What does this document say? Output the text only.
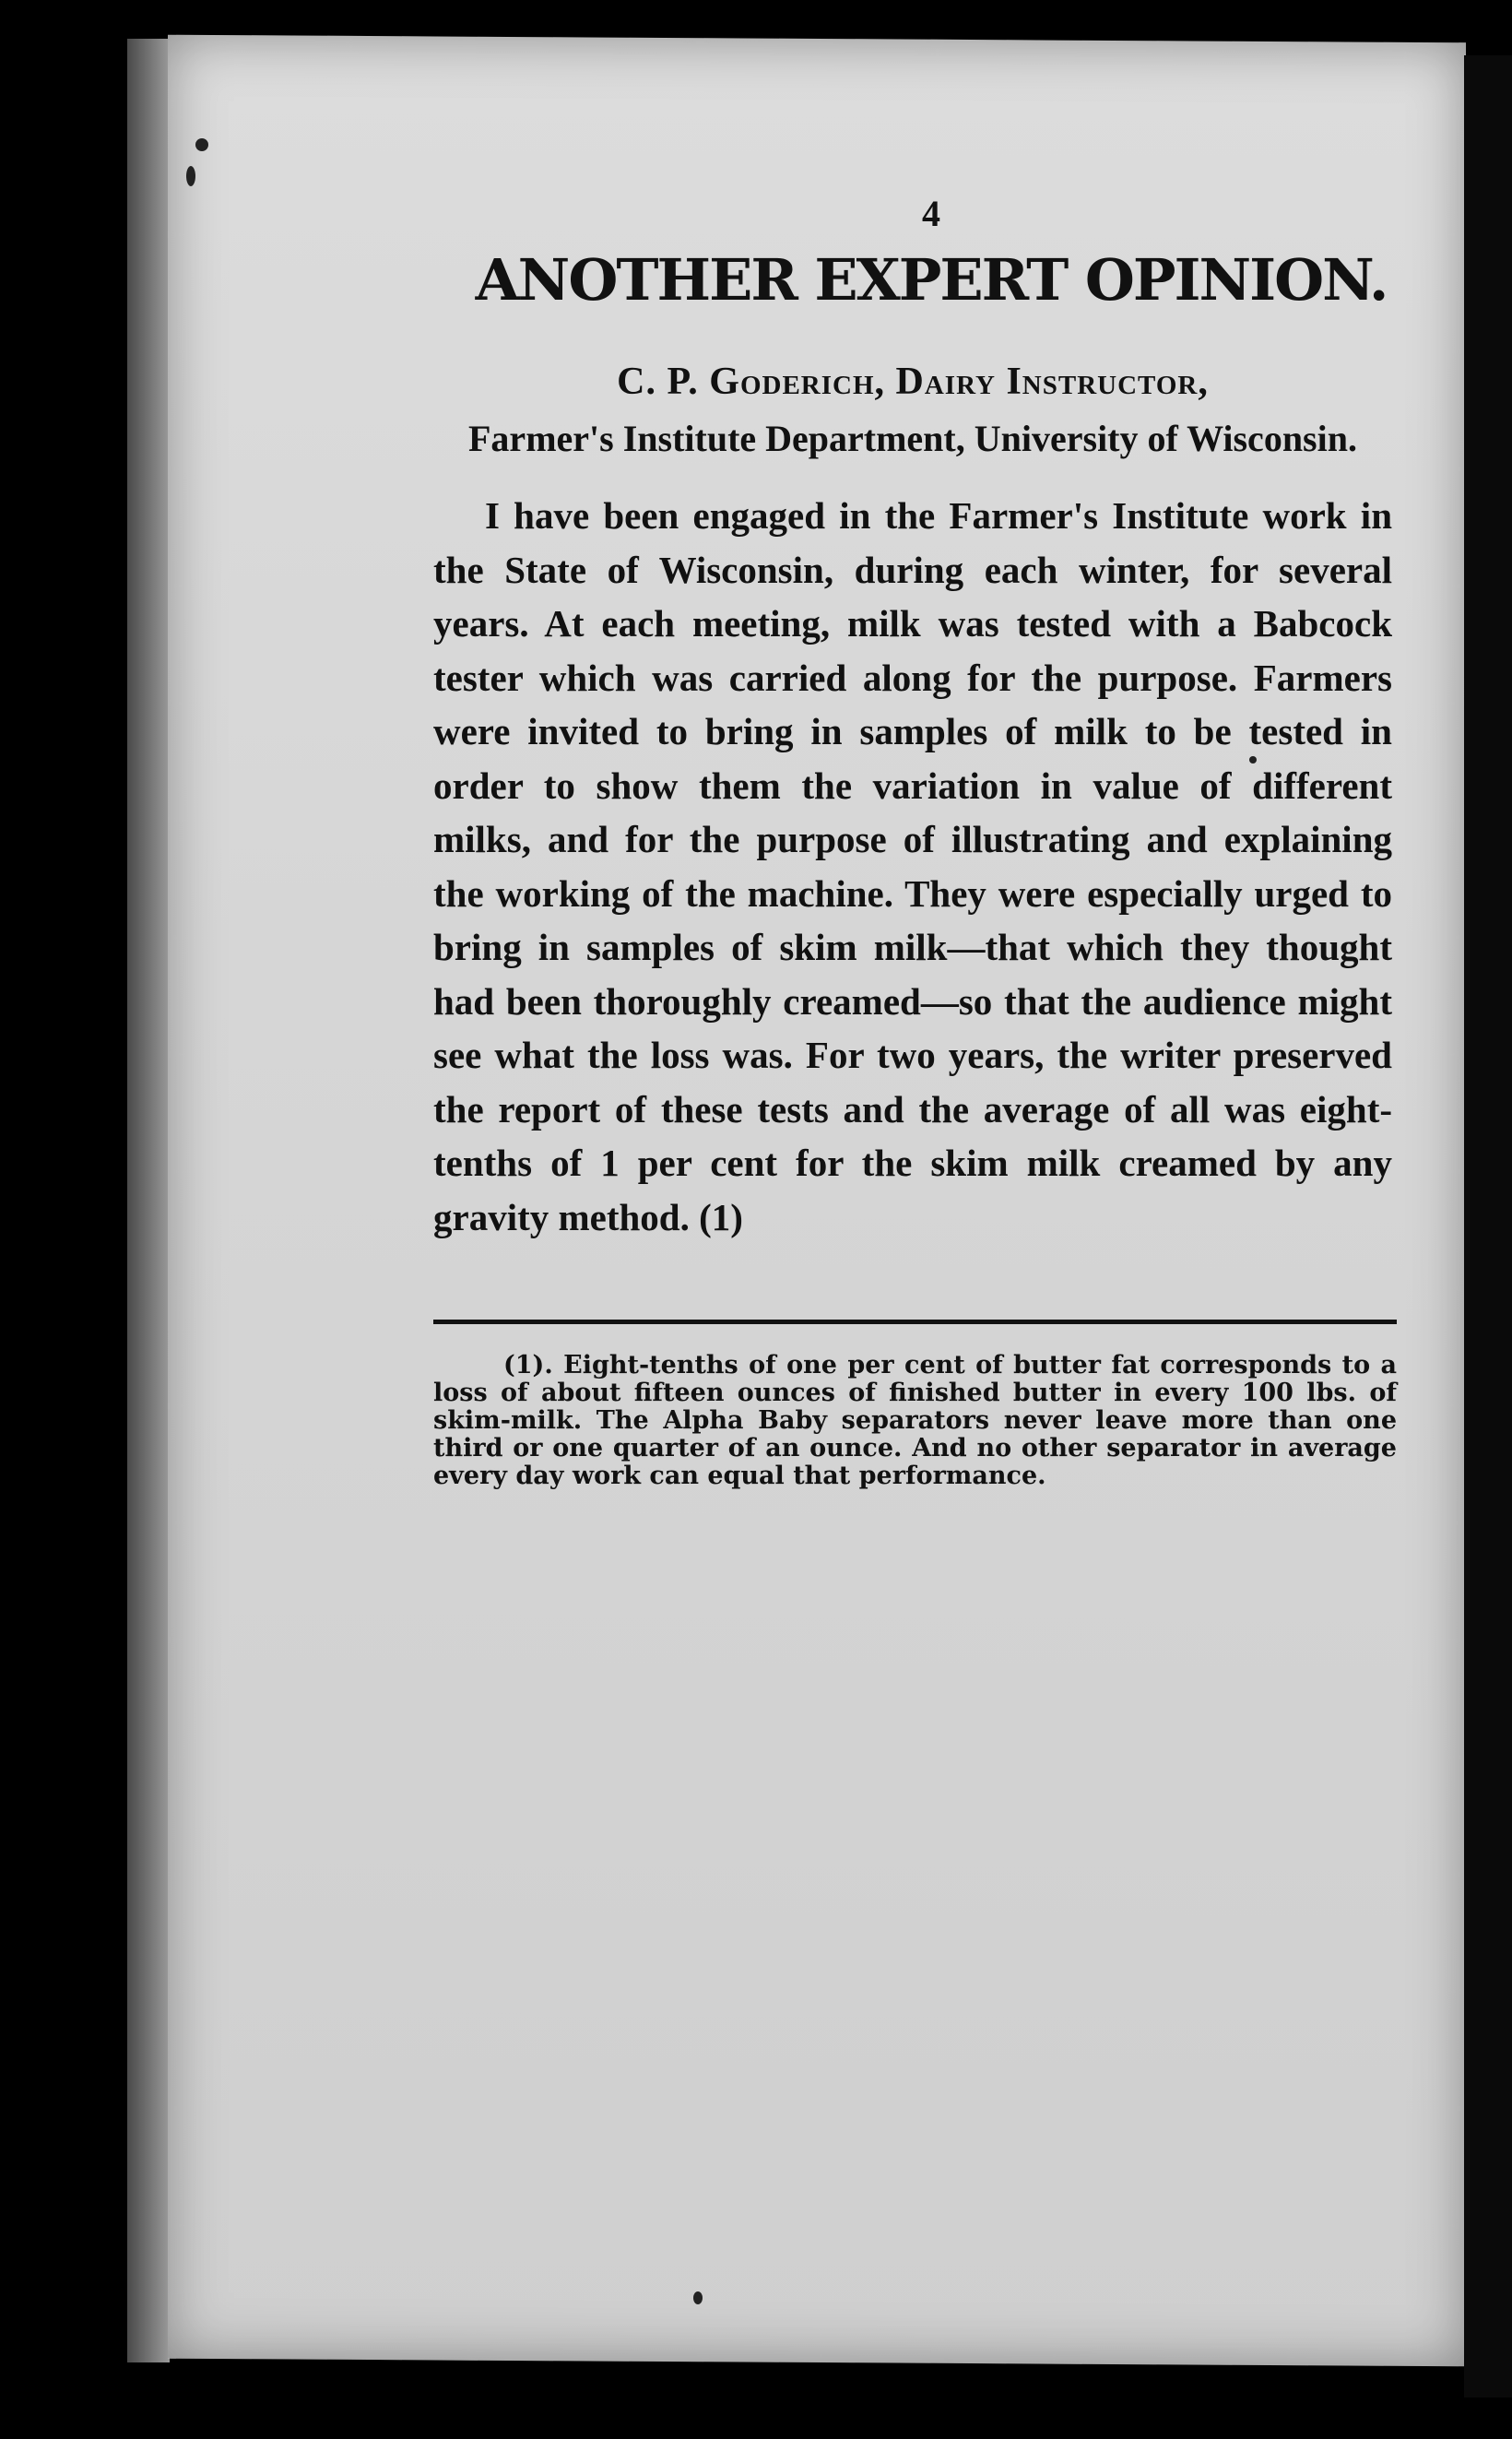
4
ANOTHER EXPERT OPINION.
C. P. Goderich, Dairy Instructor,
Farmer's Institute Department, University of Wisconsin.

I have been engaged in the Farmer's Institute work in the State of Wisconsin, during each winter, for several years. At each meeting, milk was tested with a Babcock tester which was carried along for the purpose. Farmers were invited to bring in samples of milk to be tested in order to show them the variation in value of different milks, and for the purpose of illustrating and explaining the working of the machine. They were especially urged to bring in samples of skim milk—that which they thought had been thoroughly creamed—so that the audience might see what the loss was. For two years, the writer preserved the report of these tests and the average of all was eight-tenths of 1 per cent for the skim milk creamed by any gravity method. (1)

(1). Eight-tenths of one per cent of butter fat corresponds to a loss of about fifteen ounces of finished butter in every 100 lbs. of skim-milk. The Alpha Baby separators never leave more than one third or one quarter of an ounce. And no other separator in average every day work can equal that performance.
